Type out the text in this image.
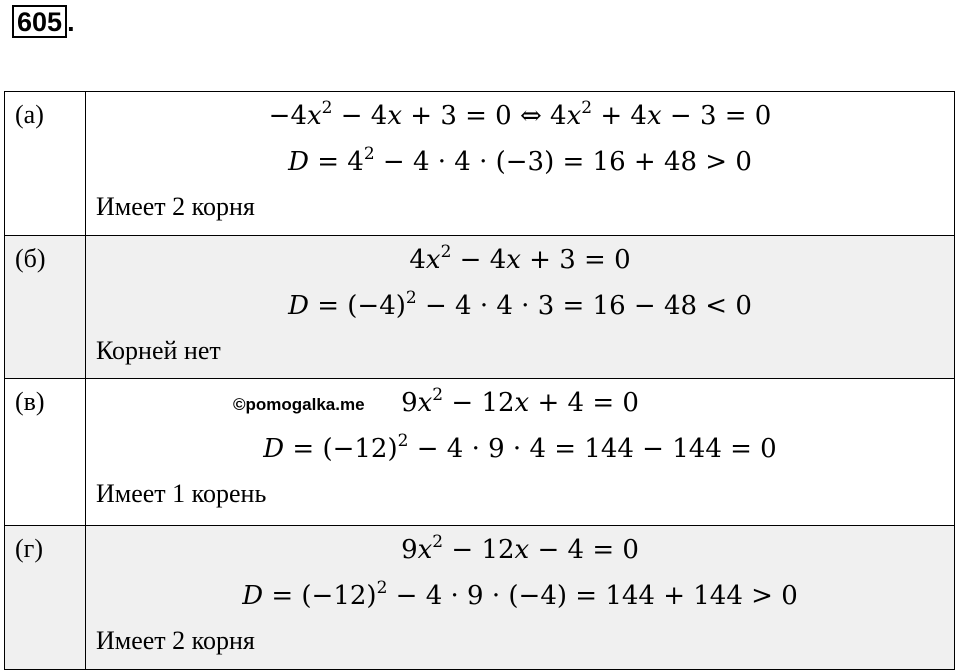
605 .
(а)	$-4x^2 - 4x + 3 = 0$ ⇔ $4x^2 + 4x - 3 = 0$
$D = 4^2 - 4 \cdot 4 \cdot (-3) = 16 + 48 > 0$
Имеет 2 корня

(б)	$4x^2 - 4x + 3 = 0$
$D = (-4)^2 - 4 \cdot 4 \cdot 3 = 16 - 48 < 0$
Корней нет

(в)	©pomogalka.me $9x^2 - 12x + 4 = 0$
$D = (-12)^2 - 4 \cdot 9 \cdot 4 = 144 - 144 = 0$
Имеет 1 корень

(г)	$9x^2 - 12x - 4 = 0$
$D = (-12)^2 - 4 \cdot 9 \cdot (-4) = 144 + 144 > 0$
Имеет 2 корня
